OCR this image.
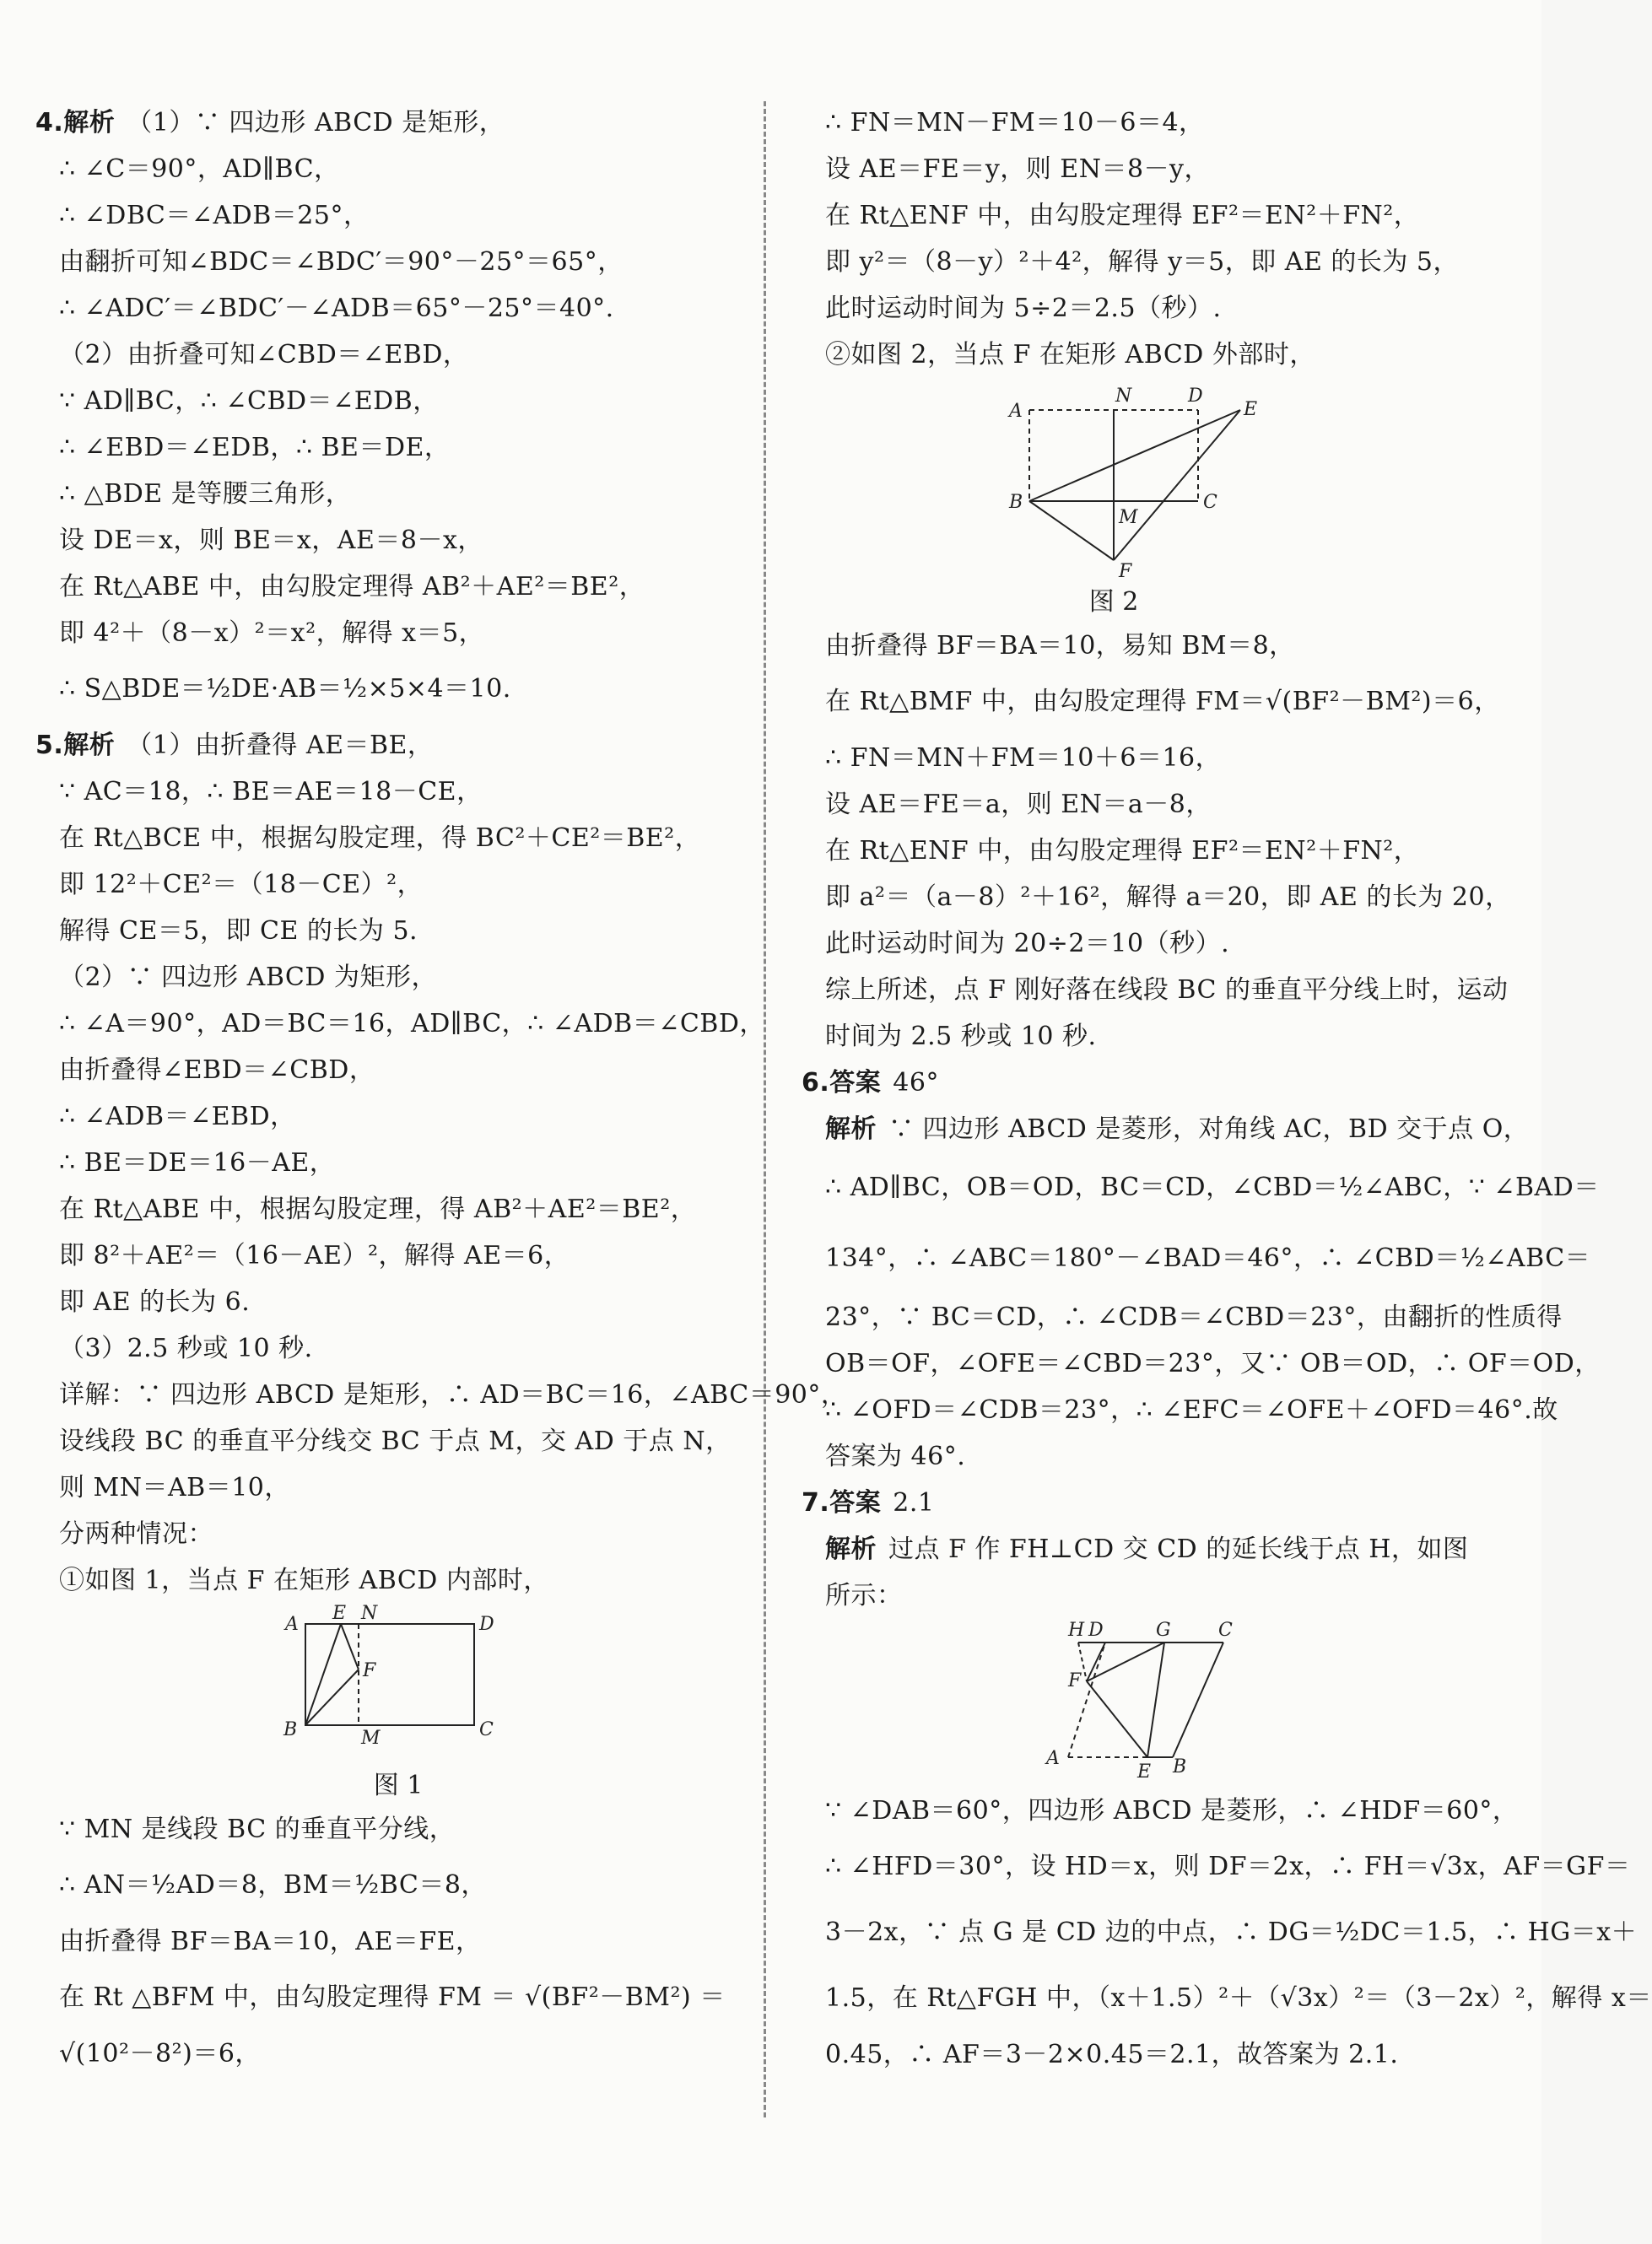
4.解析 （1）∵ 四边形 ABCD 是矩形，
∴ ∠C＝90°，AD∥BC，
∴ ∠DBC＝∠ADB＝25°，
由翻折可知∠BDC＝∠BDC′＝90°－25°＝65°，
∴ ∠ADC′＝∠BDC′－∠ADB＝65°－25°＝40°.
（2）由折叠可知∠CBD＝∠EBD，
∵ AD∥BC，∴ ∠CBD＝∠EDB，
∴ ∠EBD＝∠EDB，∴ BE＝DE，
∴ △BDE 是等腰三角形，
设 DE＝x，则 BE＝x，AE＝8－x，
在 Rt△ABE 中，由勾股定理得 AB²＋AE²＝BE²，
即 4²＋（8－x）²＝x²，解得 x＝5，
∴ S△BDE＝½DE·AB＝½×5×4＝10.
5.解析 （1）由折叠得 AE＝BE，
∵ AC＝18，∴ BE＝AE＝18－CE，
在 Rt△BCE 中，根据勾股定理，得 BC²＋CE²＝BE²，
即 12²＋CE²＝（18－CE）²，
解得 CE＝5，即 CE 的长为 5.
（2）∵ 四边形 ABCD 为矩形，
∴ ∠A＝90°，AD＝BC＝16，AD∥BC，∴ ∠ADB＝∠CBD，
由折叠得∠EBD＝∠CBD，
∴ ∠ADB＝∠EBD，
∴ BE＝DE＝16－AE，
在 Rt△ABE 中，根据勾股定理，得 AB²＋AE²＝BE²，
即 8²＋AE²＝（16－AE）²，解得 AE＝6，
即 AE 的长为 6.
（3）2.5 秒或 10 秒.
详解：∵ 四边形 ABCD 是矩形，∴ AD＝BC＝16，∠ABC＝90°，
设线段 BC 的垂直平分线交 BC 于点 M，交 AD 于点 N，
则 MN＝AB＝10，
分两种情况：
①如图 1，当点 F 在矩形 ABCD 内部时，
A
E N
D
F
B	M	C
图 1
∵ MN 是线段 BC 的垂直平分线，
∴ AN＝½AD＝8，BM＝½BC＝8，
由折叠得 BF＝BA＝10，AE＝FE，
在 Rt △BFM 中，由勾股定理得 FM ＝ √(BF²－BM²) ＝
√(10²－8²)＝6，
∴ FN＝MN－FM＝10－6＝4，
设 AE＝FE＝y，则 EN＝8－y，
在 Rt△ENF 中，由勾股定理得 EF²＝EN²＋FN²，
即 y²＝（8－y）²＋4²，解得 y＝5，即 AE 的长为 5，
此时运动时间为 5÷2＝2.5（秒）.
②如图 2，当点 F 在矩形 ABCD 外部时，
A
N	D
E
B	C
M
F
图 2
由折叠得 BF＝BA＝10，易知 BM＝8，
在 Rt△BMF 中，由勾股定理得 FM＝√(BF²－BM²)＝6，
∴ FN＝MN＋FM＝10＋6＝16，
设 AE＝FE＝a，则 EN＝a－8，
在 Rt△ENF 中，由勾股定理得 EF²＝EN²＋FN²，
即 a²＝（a－8）²＋16²，解得 a＝20，即 AE 的长为 20，
此时运动时间为 20÷2＝10（秒）.
综上所述，点 F 刚好落在线段 BC 的垂直平分线上时，运动
时间为 2.5 秒或 10 秒.
6.答案 46°
解析 ∵ 四边形 ABCD 是菱形，对角线 AC，BD 交于点 O，
∴ AD∥BC，OB＝OD，BC＝CD，∠CBD＝½∠ABC，∵ ∠BAD＝
134°，∴ ∠ABC＝180°－∠BAD＝46°，∴ ∠CBD＝½∠ABC＝
23°，∵ BC＝CD，∴ ∠CDB＝∠CBD＝23°，由翻折的性质得
OB＝OF，∠OFE＝∠CBD＝23°，又∵ OB＝OD，∴ OF＝OD，
∴ ∠OFD＝∠CDB＝23°，∴ ∠EFC＝∠OFE＋∠OFD＝46°.故
答案为 46°.
7.答案 2.1
解析 过点 F 作 FH⊥CD 交 CD 的延长线于点 H，如图
所示：
H D	G	C
F
A
E B
∵ ∠DAB＝60°，四边形 ABCD 是菱形，∴ ∠HDF＝60°，
∴ ∠HFD＝30°，设 HD＝x，则 DF＝2x，∴ FH＝√3x，AF＝GF＝
3－2x，∵ 点 G 是 CD 边的中点，∴ DG＝½DC＝1.5，∴ HG＝x＋
1.5，在 Rt△FGH 中，（x＋1.5）²＋（√3x）²＝（3－2x）²，解得 x＝
0.45，∴ AF＝3－2×0.45＝2.1，故答案为 2.1.
